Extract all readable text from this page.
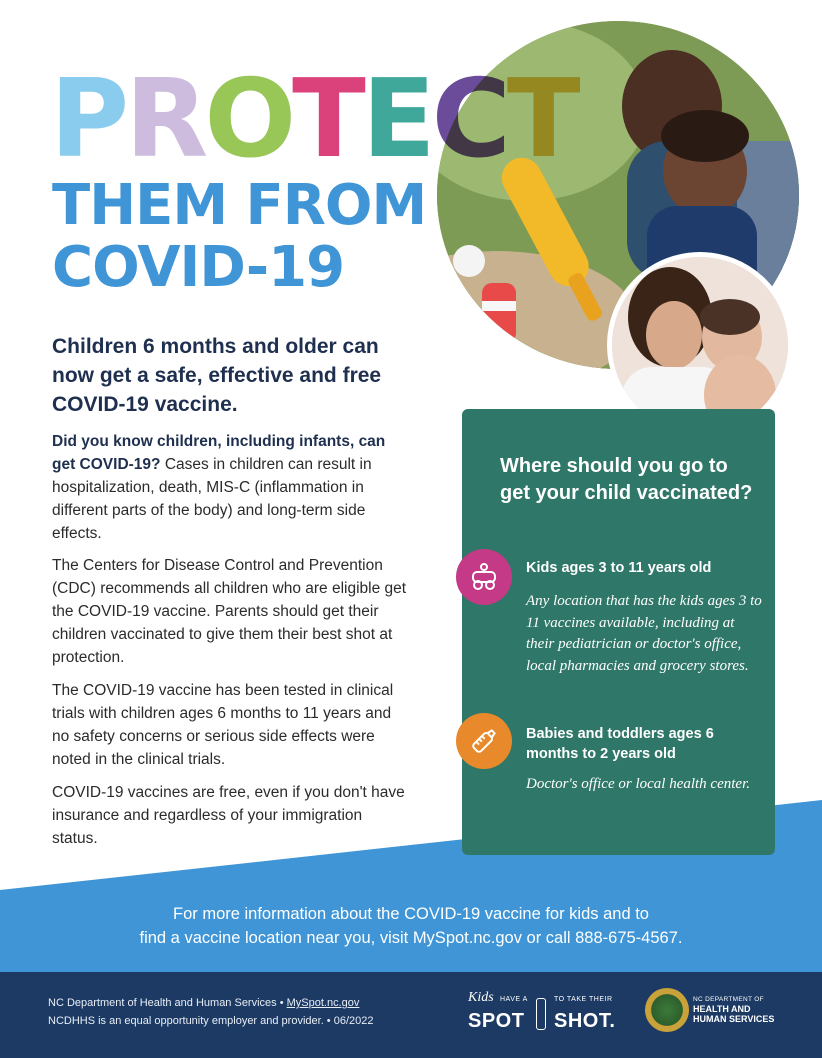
PROTECT
THEM FROM
COVID-19
Children 6 months and older can now get a safe, effective and free COVID-19 vaccine.
Did you know children, including infants, can get COVID-19? Cases in children can result in hospitalization, death, MIS-C (inflammation in different parts of the body) and long-term side effects.
The Centers for Disease Control and Prevention (CDC) recommends all children who are eligible get the COVID-19 vaccine. Parents should get their children vaccinated to give them their best shot at protection.
The COVID-19 vaccine has been tested in clinical trials with children ages 6 months to 11 years and no safety concerns or serious side effects were noted in the clinical trials.
COVID-19 vaccines are free, even if you don't have insurance and regardless of your immigration status.
Where should you go to get your child vaccinated?
Kids ages 3 to 11 years old
Any location that has the kids ages 3 to 11 vaccines available, including at their pediatrician or doctor's office, local pharmacies and grocery stores.
Babies and toddlers ages 6 months to 2 years old
Doctor's office or local health center.
For more information about the COVID-19 vaccine for kids and to
find a vaccine location near you, visit MySpot.nc.gov or call 888-675-4567.
NC Department of Health and Human Services • MySpot.nc.gov
NCDHHS is an equal opportunity employer and provider. • 06/2022
Kids HAVE A	TO TAKE THEIR
SPOT SHOT.
NC DEPARTMENT OF
HEALTH AND
HUMAN SERVICES
